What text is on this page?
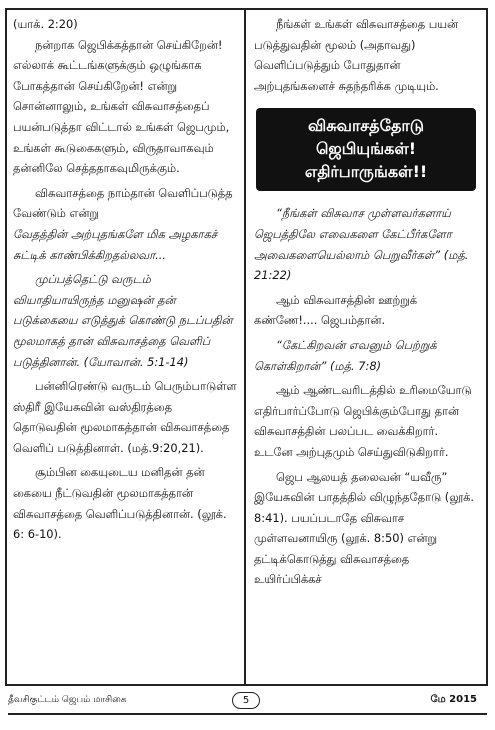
(யாக். 2:20)

நன்றாக ஜெபிக்கத்தான் செய்கிறேன்! எல்லாக் கூட்டங்களுக்கும் ஒழுங்காக போகத்தான் செய்கிறேன்! என்று சொன்னாலும், உங்கள் விசுவாசத்தைப் பயன்படுத்தா விட்டால் உங்கள் ஜெபமும், உங்கள் கூடுகைகளும், விருதாவாகவும் தன்னிலே செத்ததாகவுமிருக்கும்.

விசுவாசத்தை நாம்தான் வெளிப்படுத்த வேண்டும் என்று

வேதத்தின் அற்புதங்களே மிக அழகாகச் சுட்டிக் காண்பிக்கிறதல்லவா...

முப்பத்தெட்டு வருடம் வியாதியாயிருந்த மனுஷன் தன் படுக்கையை எடுத்துக் கொண்டு நடப்பதின் மூலமாகத் தான் விசுவாசத்தை வெளிப் படுத்தினான். (யோவான். 5:1-14)

பன்னிரெண்டு வருடம் பெரும்பாடுள்ள ஸ்திரீ இயேசுவின் வஸ்திரத்தை தொடுவதின் மூலமாகத்தான் விசுவாசத்தை வெளிப் படுத்தினாள். (மத்.9:20,21).

சூம்பின கையுடைய மனிதன் தன் கையை நீட்டுவதின் மூலமாகத்தான் விசுவாசத்தை வெளிப்படுத்தினான். (லூக். 6: 6-10).

நீங்கள் உங்கள் விசுவாசத்தை பயன் படுத்துவதின் மூலம் (அதாவது) வெளிப்படுத்தும் போதுதான் அற்புதங்களைச் சுதந்தரிக்க முடியும்.

விசுவாசத்தோடு
ஜெபியுங்கள்!
எதிர்பாருங்கள்!!

“நீங்கள் விசுவாச முள்ளவர்களாய் ஜெபத்திலே எவைகளை கேட்பீர்களோ அவைகளையெல்லாம் பெறுவீர்கள்” (மத். 21:22)

ஆம் விசுவாசத்தின் ஊற்றுக் கண்ணே!.... ஜெபம்தான்.

“கேட்கிறவன் எவனும் பெற்றுக் கொள்கிறான்” (மத். 7:8)

ஆம் ஆண்டவரிடத்தில் உரிமையோடு எதிர்பார்ப்போடு ஜெபிக்கும்போது தான் விசுவாசத்தின் பலப்பட வைக்கிறார். உடனே அற்புதமும் செய்துவிடுகிறார்.

ஜெப ஆலயத் தலைவன் “யவீரு” இயேசுவின் பாதத்தில் விழுந்ததோடு (லூக். 8:41). பயப்படாதே விசுவாச முள்ளவனாயிரு (லூக். 8:50) என்று தட்டிக்கொடுத்து விசுவாசத்தை உயிர்ப்பிக்கச்

தீவசிகுட்டம் ஜெபம் மாசிகை	5	மே 2015
